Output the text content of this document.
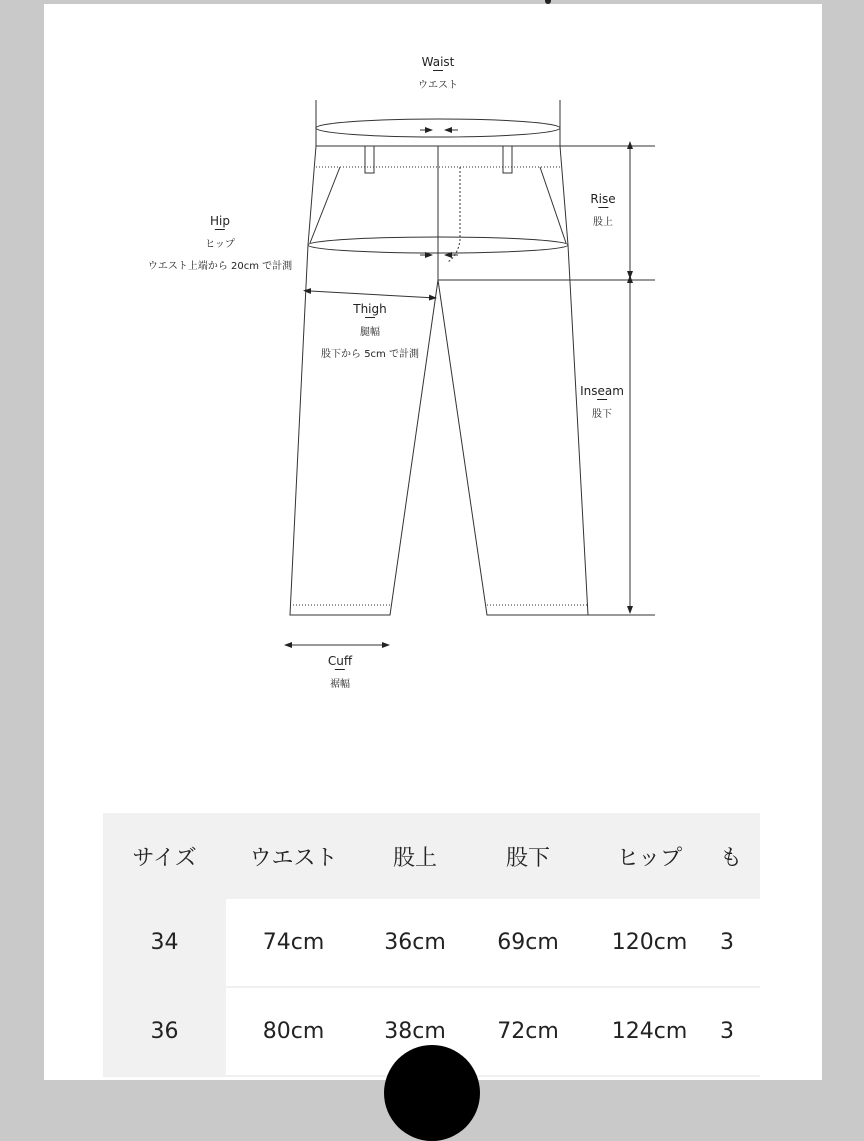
Waist
ウエスト
Rise
股上
Hip
ヒップ
ウエスト上端から 20cm で計測
Thigh
腿幅
股下から 5cm で計測
Inseam
股下
Cuff
裾幅
サイズ	ウエスト	股上	股下	ヒップ	も
34	74cm	36cm	69cm	120cm	3
36	80cm	38cm	72cm	124cm	3
